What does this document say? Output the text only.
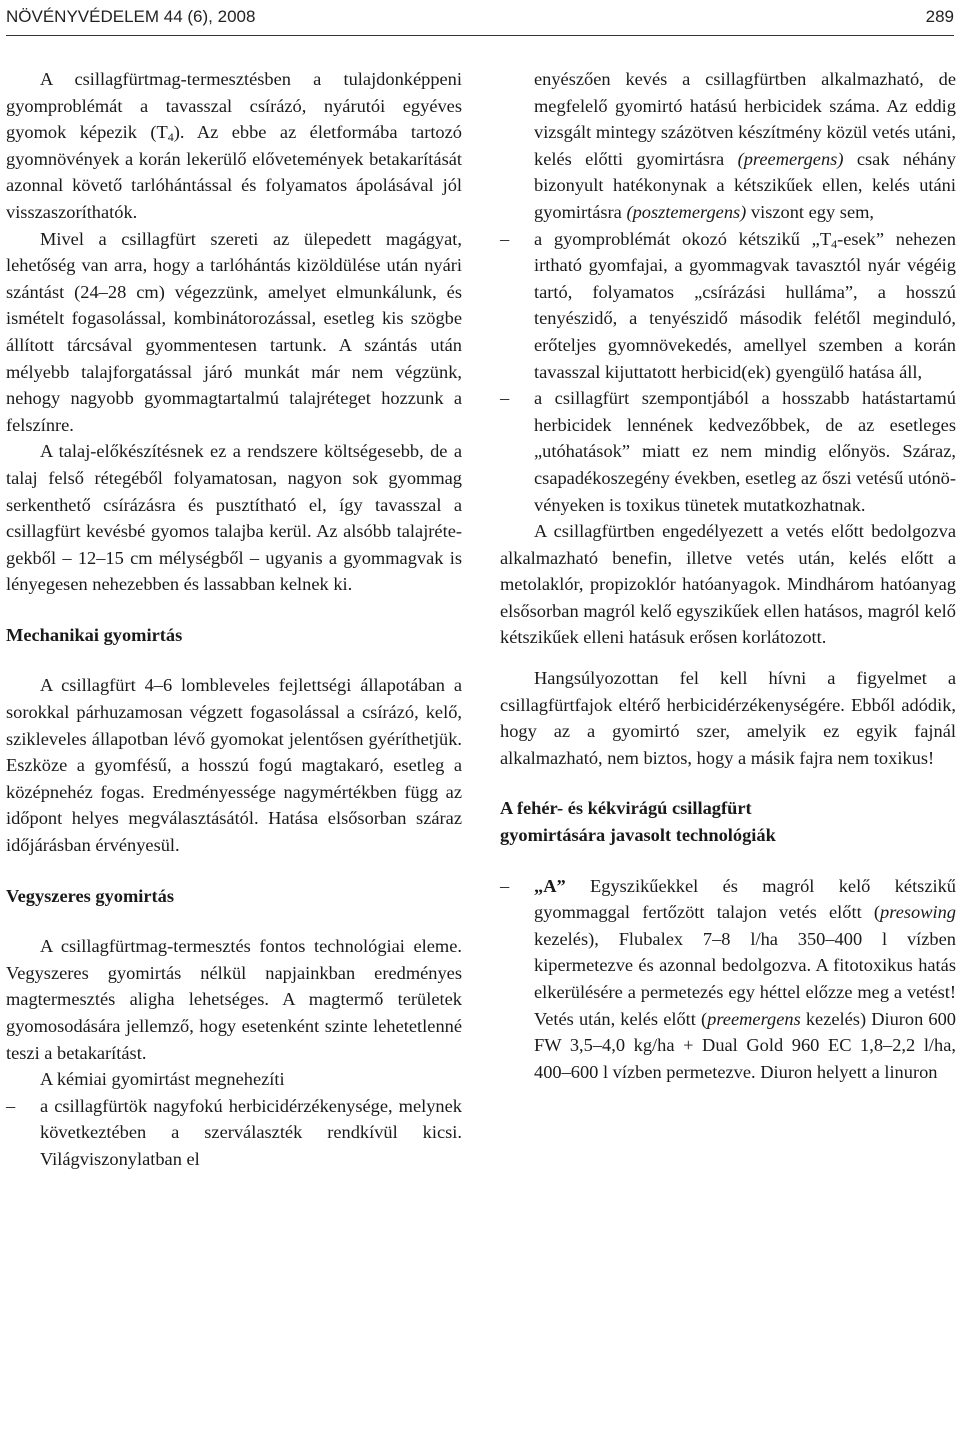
NÖVÉNYVÉDELEM 44 (6), 2008	289

A csillagfürtmag-termesztésben a tulajdonképpeni gyomproblémát a tavasszal csírázó, nyárutói egyéves gyomok képezik $(T_4)$. Az ebbe az életformába tartozó gyomnövények a korán lekerülő elővetemények betakarítását azonnal követő tarlóhántással és folyamatos ápolásával jól visszaszoríthatók.

Mivel a csillagfürt szereti az ülepedett magágyat, lehetőség van arra, hogy a tarlóhántás kizöldülése után nyári szántást (24–28 cm) végezzünk, amelyet elmunkálunk, és ismételt fogasolással, kombinátorozással, esetleg kis szögbe állított tárcsával gyommentesen tartunk. A szántás után mélyebb talajforgatással járó munkát már nem végzünk, nehogy nagyobb gyommagtartalmú talajréteget hozzunk a felszínre.

A talaj-előkészítésnek ez a rendszere költségesebb, de a talaj felső rétegéből folyamatosan, nagyon sok gyommag serkenthető csírázásra és pusztítható el, így tavasszal a csillagfürt kevésbé gyomos talajba kerül. Az alsóbb talajrétegekből – 12–15 cm mélységből – ugyanis a gyommagvak is lényegesen nehezebben és lassabban kelnek ki.

Mechanikai gyomirtás

A csillagfürt 4–6 lombleveles fejlettségi állapotában a sorokkal párhuzamosan végzett fogasolással a csírázó, kelő, szikleveles állapotban lévő gyomokat jelentősen gyéríthetjük. Eszköze a gyomfésű, a hosszú fogú magtakaró, esetleg a középnehéz fogas. Eredményessége nagymértékben függ az időpont helyes megválasztásától. Hatása elsősorban száraz időjárásban érvényesül.

Vegyszeres gyomirtás

A csillagfürtmag-termesztés fontos technológiai eleme. Vegyszeres gyomirtás nélkül napjainkban eredményes magtermesztés aligha lehetséges. A magtermő területek gyomosodására jellemző, hogy esetenként szinte lehetetlenné teszi a betakarítást.

A kémiai gyomirtást megnehezíti

– a csillagfürtök nagyfokú herbicidérzékenysége, melynek következtében a szerválaszték rendkívül kicsi. Világviszonylatban el
enyészően kevés a csillagfürtben alkalmazható, de megfelelő gyomirtó hatású herbicidek száma. Az eddig vizsgált mintegy százötven készítmény közül vetés utáni, kelés előtti gyomirtásra (preemergens) csak néhány bizonyult hatékonynak a kétszikűek ellen, kelés utáni gyomirtásra (posztemergens) viszont egy sem,
– a gyomproblémát okozó kétszikű $„T_4$-esek” nehezen irtható gyomfajai, a gyommagvak tavasztól nyár végéig tartó, folyamatos „csírázási hulláma”, a hosszú tenyészidő, a tenyészidő második felétől meginduló, erőteljes gyomnövekedés, amellyel szemben a korán tavasszal kijuttatott herbicid(ek) gyengülő hatása áll,
– a csillagfürt szempontjából a hosszabb hatástartamú herbicidek lennének kedvezőbbek, de az esetleges „utóhatások” miatt ez nem mindig előnyös. Száraz, csapadékoszegény években, esetleg az őszi vetésű utónövényeken is toxikus tünetek mutatkozhatnak.

A csillagfürtben engedélyezett a vetés előtt bedolgozva alkalmazható benefin, illetve vetés után, kelés előtt a metolaklór, propizoklór hatóanyagok. Mindhárom hatóanyag elsősorban magról kelő egyszikűek ellen hatásos, magról kelő kétszikűek elleni hatásuk erősen korlátozott.

Hangsúlyozottan fel kell hívni a figyelmet a csillagfürtfajok eltérő herbicidérzékenységére. Ebből adódik, hogy az a gyomirtó szer, amelyik ez egyik fajnál alkalmazható, nem biztos, hogy a másik fajra nem toxikus!

A fehér- és kékvirágú csillagfürt
gyomirtására javasolt technológiák
– „A” Egyszikűekkel és magról kelő kétszikű gyommaggal fertőzött talajon vetés előtt (presowing kezelés), Flubalex 7–8 l/ha 350–400 l vízben kipermetezve és azonnal bedolgozva. A fitotoxikus hatás elkerülésére a permetezés egy héttel előzze meg a vetést! Vetés után, kelés előtt (preemergens kezelés) Diuron 600 FW 3,5–4,0 kg/ha + Dual Gold 960 EC 1,8–2,2 l/ha, 400–600 l vízben permetezve. Diuron helyett a linuron
